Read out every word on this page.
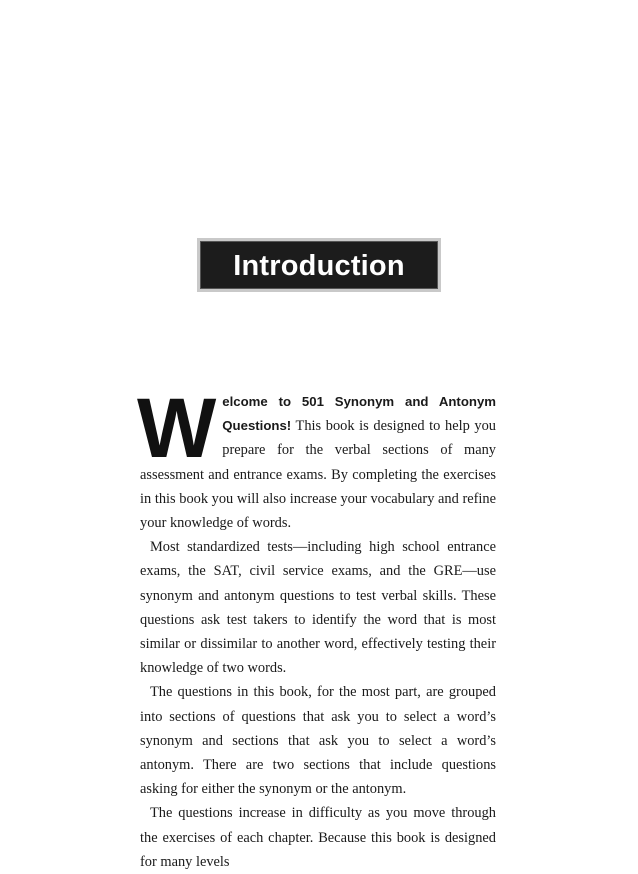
Introduction

Welcome to 501 Synonym and Antonym Questions! This book is designed to help you prepare for the verbal sections of many assessment and entrance exams. By completing the exercises in this book you will also increase your vocabulary and refine your knowledge of words.

Most standardized tests—including high school entrance exams, the SAT, civil service exams, and the GRE—use synonym and antonym questions to test verbal skills. These questions ask test takers to identify the word that is most similar or dissimilar to another word, effectively testing their knowledge of two words.

The questions in this book, for the most part, are grouped into sections of questions that ask you to select a word’s synonym and sections that ask you to select a word’s antonym. There are two sections that include questions asking for either the synonym or the antonym.

The questions increase in difficulty as you move through the exercises of each chapter. Because this book is designed for many levels
